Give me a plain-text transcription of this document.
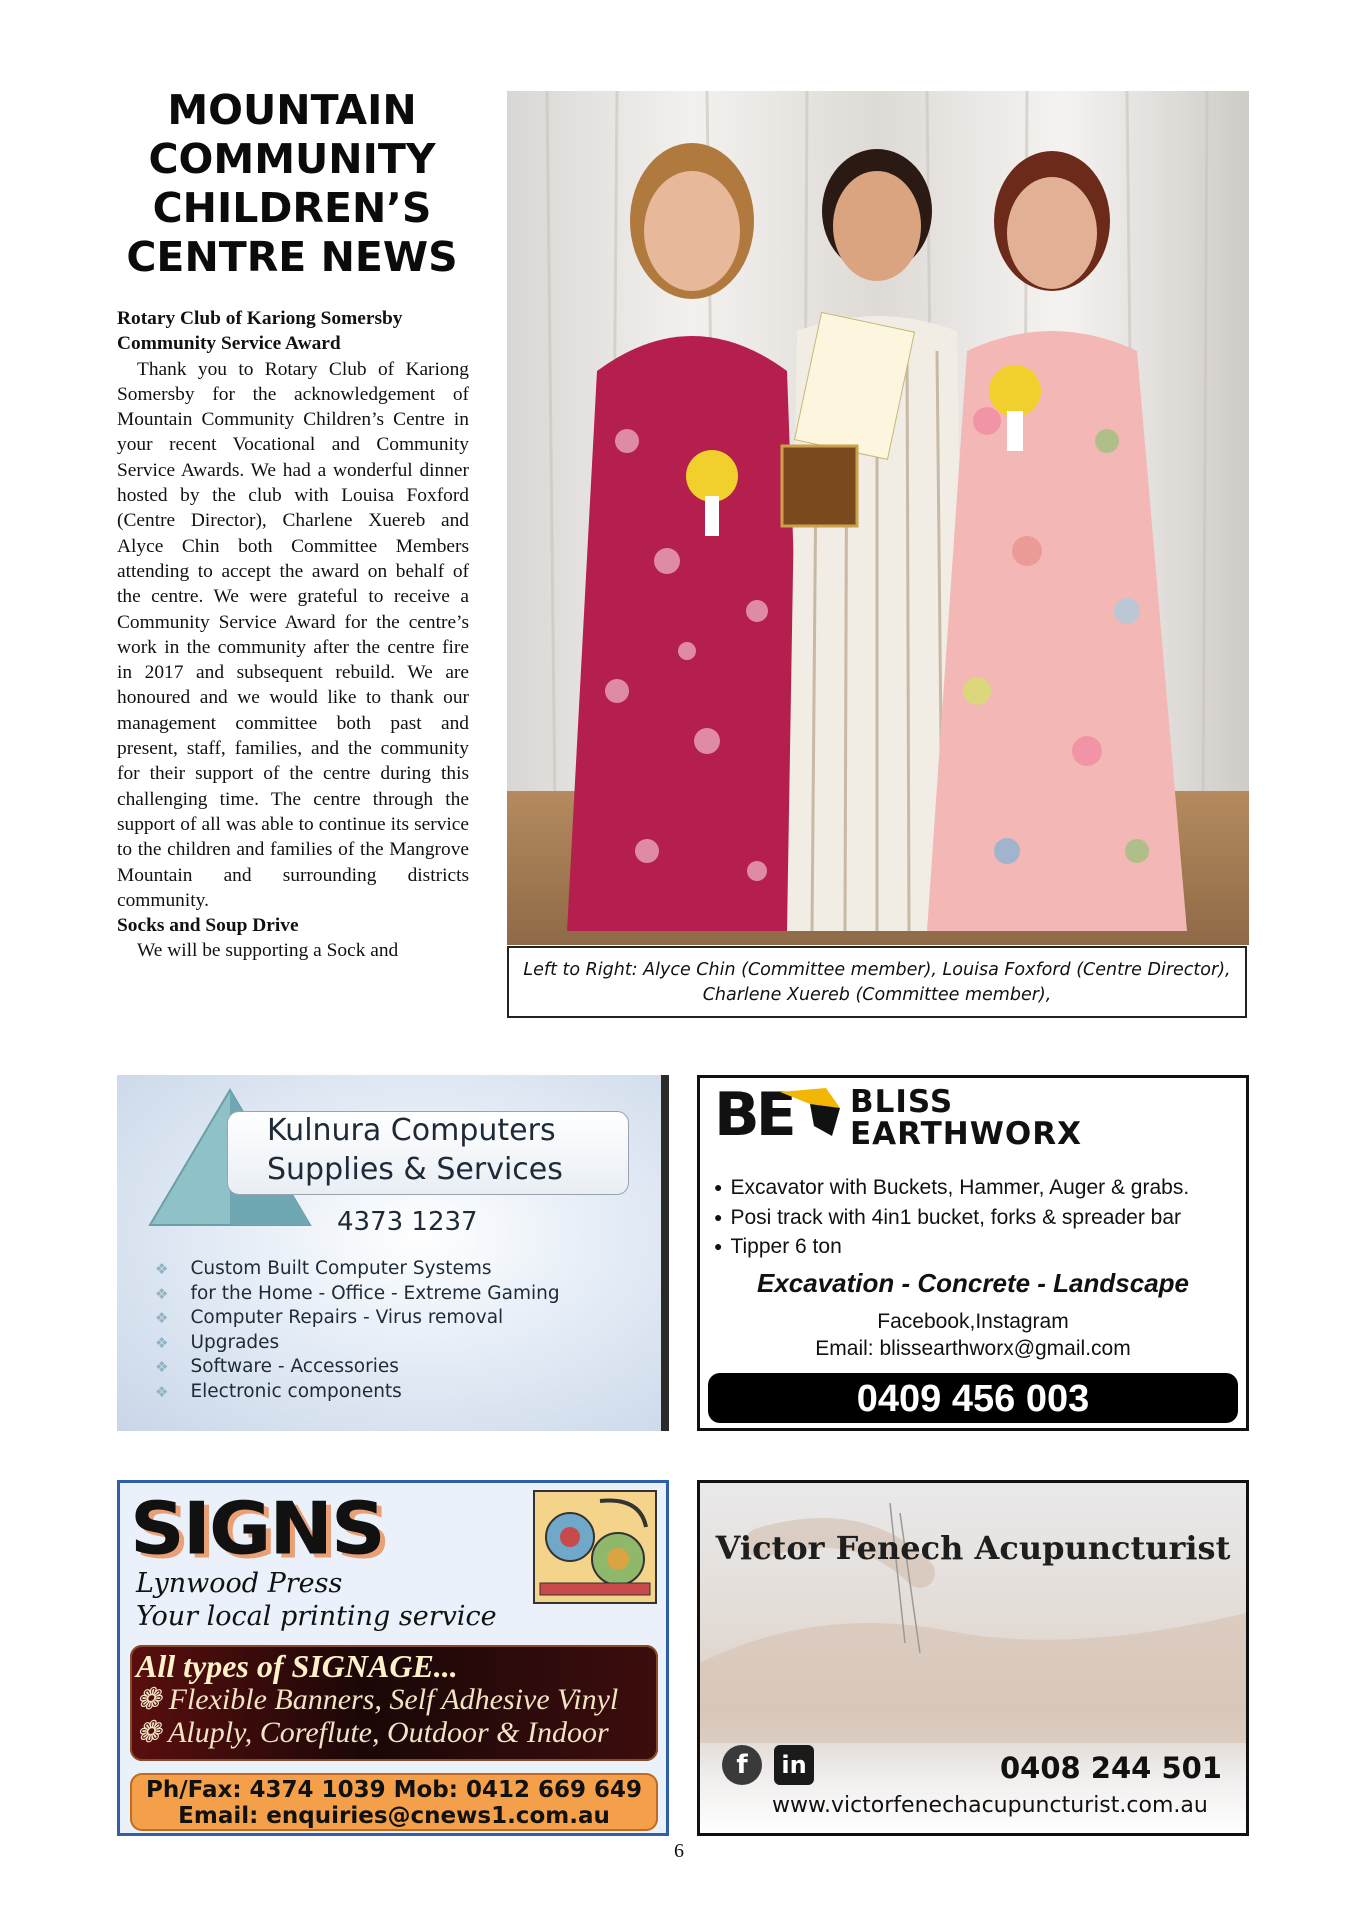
MOUNTAIN
COMMUNITY
CHILDREN’S
CENTRE NEWS
Rotary Club of Kariong Somersby Community Service Award

Thank you to Rotary Club of Kariong Somersby for the acknowledgement of Mountain Community Children’s Centre in your recent Vocational and Community Service Awards. We had a wonderful dinner hosted by the club with Louisa Foxford (Centre Director), Charlene Xuereb and Alyce Chin both Committee Members attending to accept the award on behalf of the centre. We were grateful to receive a Community Service Award for the centre’s work in the community after the centre fire in 2017 and subsequent rebuild. We are honoured and we would like to thank our management committee both past and present, staff, families, and the community for their support of the centre during this challenging time. The centre through the support of all was able to continue its service to the children and families of the Mangrove Mountain and surrounding districts community.

Socks and Soup Drive

We will be supporting a Sock and

Left to Right: Alyce Chin (Committee member), Louisa Foxford (Centre Director),
Charlene Xuereb (Committee member),
Kulnura Computers
Supplies & Services
4373 1237
❖ Custom Built Computer Systems
❖ for the Home - Office - Extreme Gaming
❖ Computer Repairs - Virus removal
❖ Upgrades
❖ Software - Accessories
❖ Electronic components
BE BLISS
EARTHWORX
● Excavator with Buckets, Hammer, Auger & grabs.
● Posi track with 4in1 bucket, forks & spreader bar
● Tipper 6 ton
Excavation - Concrete - Landscape
Facebook,Instagram
Email: blissearthworx@gmail.com
0409 456 003
SIGNS
Lynwood Press
Your local printing service
All types of SIGNAGE...
❁ Flexible Banners, Self Adhesive Vinyl
❁ Aluply, Coreflute, Outdoor & Indoor
Ph/Fax: 4374 1039 Mob: 0412 669 649
Email: enquiries@cnews1.com.au
Victor Fenech Acupuncturist
f	in	0408 244 501
www.victorfenechacupuncturist.com.au
6
